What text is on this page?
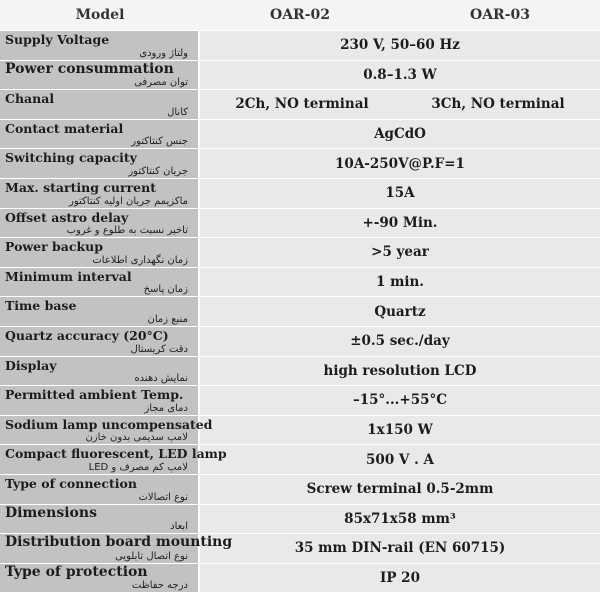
Model	OAR-02	OAR-03
Supply Voltage
ولتاژ ورودی	230 V, 50–60 Hz
Power consummation
توان مصرفی	0.8–1.3 W
Chanal
کانال	2Ch, NO terminal	3Ch, NO terminal
Contact material
جنس کنتاکتور	AgCdO
Switching capacity
جریان کنتاکتور	10A-250V@P.F=1
Max. starting current
ماکزیمم جریان اولیه کنتاکتور	15A
Offset astro delay
تاخیر نسبت به طلوع و غروب	+-90 Min.
Power backup
زمان نگهداری اطلاعات	>5 year
Minimum interval
زمان پاسخ	1 min.
Time base
منبع زمان	Quartz
Quartz accuracy (20°C)
دقت کریستال	±0.5 sec./day
Display
نمایش دهنده	high resolution LCD
Permitted ambient Temp.
دمای مجاز	–15°...+55°C
Sodium lamp uncompensated
لامپ سدیمی بدون خازن	1x150 W
Compact fluorescent, LED lamp
لامپ کم مصرف و LED	500 V . A
Type of connection
نوع اتصالات	Screw terminal 0.5-2mm
Dimensions
ابعاد	85x71x58 mm³
Distribution board mounting
نوع اتصال تابلویی	35 mm DIN-rail (EN 60715)
Type of protection
درجه حفاظت	IP 20
